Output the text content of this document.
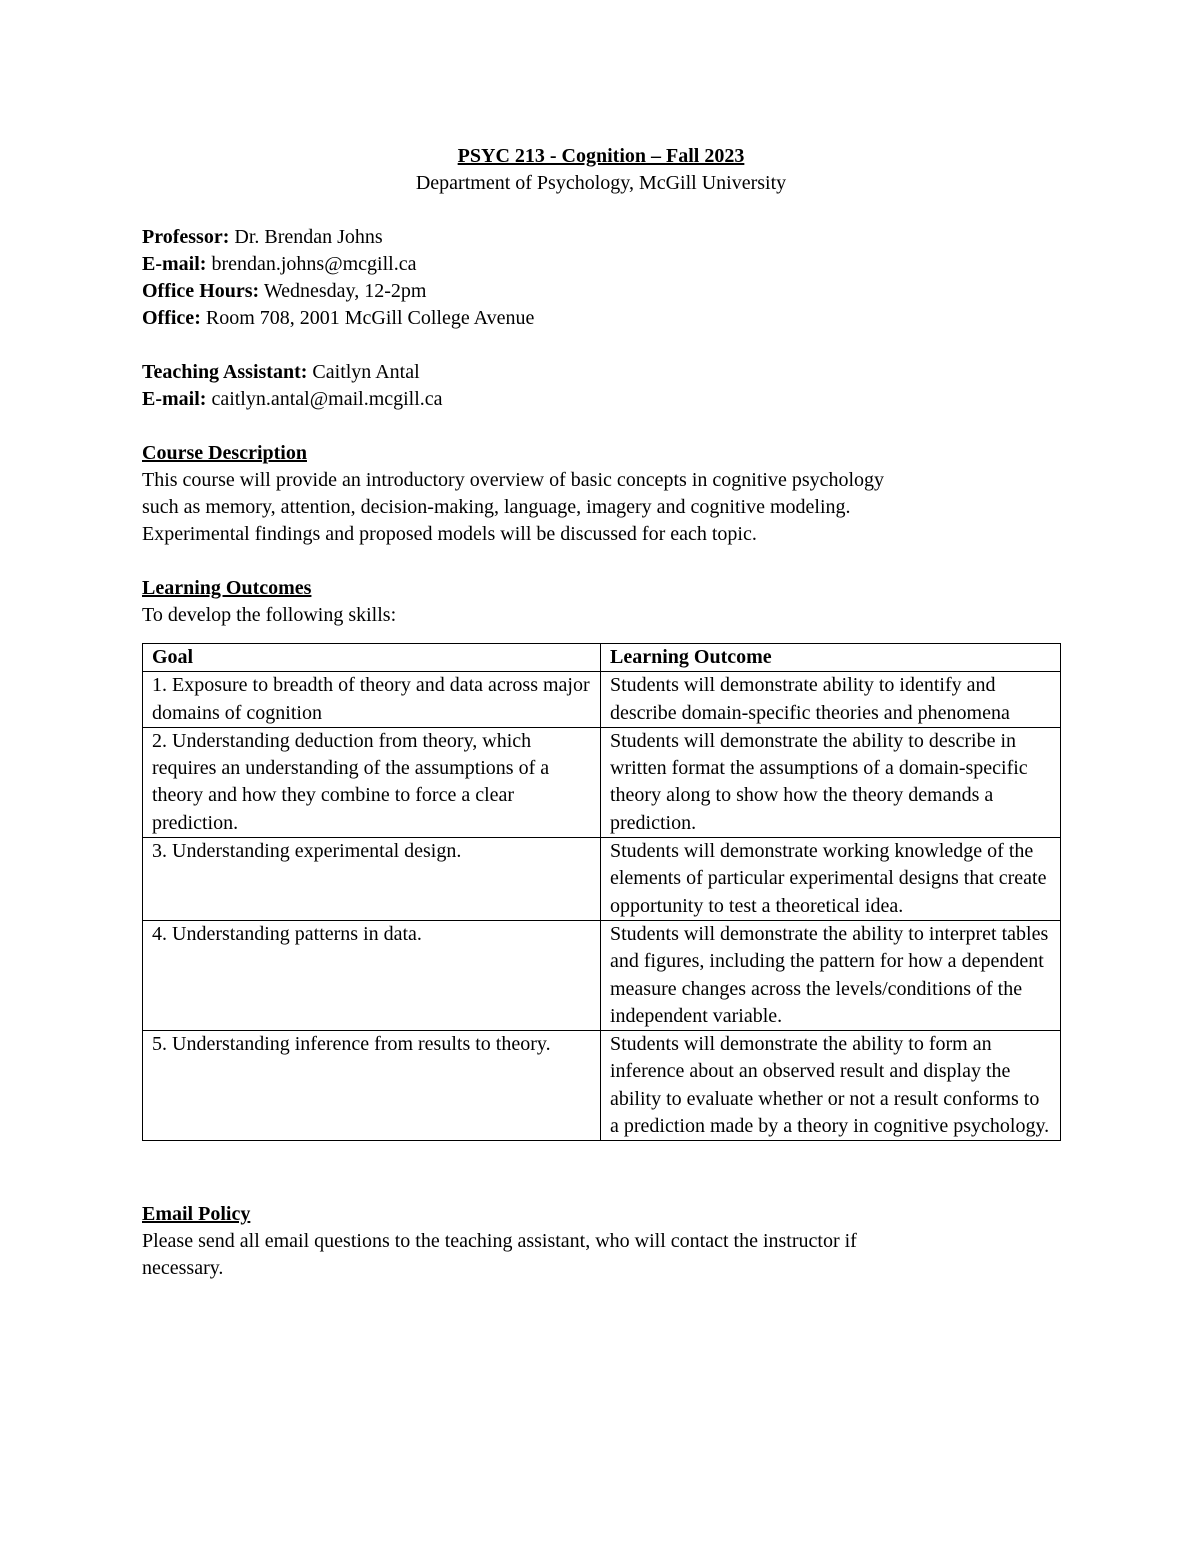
PSYC 213 - Cognition – Fall 2023

Department of Psychology, McGill University

Professor: Dr. Brendan Johns

E-mail: brendan.johns@mcgill.ca

Office Hours: Wednesday, 12-2pm

Office: Room 708, 2001 McGill College Avenue

Teaching Assistant: Caitlyn Antal

E-mail: caitlyn.antal@mail.mcgill.ca

Course Description

This course will provide an introductory overview of basic concepts in cognitive psychology

such as memory, attention, decision-making, language, imagery and cognitive modeling.

Experimental findings and proposed models will be discussed for each topic.

Learning Outcomes

To develop the following skills:

Goal	Learning Outcome
1. Exposure to breadth of theory and data across major domains of cognition	Students will demonstrate ability to identify and describe domain-specific theories and phenomena
2. Understanding deduction from theory, which requires an understanding of the assumptions of a theory and how they combine to force a clear prediction.	Students will demonstrate the ability to describe in written format the assumptions of a domain-specific theory along to show how the theory demands a prediction.
3. Understanding experimental design.	Students will demonstrate working knowledge of the elements of particular experimental designs that create opportunity to test a theoretical idea.
4. Understanding patterns in data.	Students will demonstrate the ability to interpret tables and figures, including the pattern for how a dependent measure changes across the levels/conditions of the independent variable.
5. Understanding inference from results to theory.	Students will demonstrate the ability to form an inference about an observed result and display the ability to evaluate whether or not a result conforms to a prediction made by a theory in cognitive psychology.

Email Policy

Please send all email questions to the teaching assistant, who will contact the instructor if

necessary.
